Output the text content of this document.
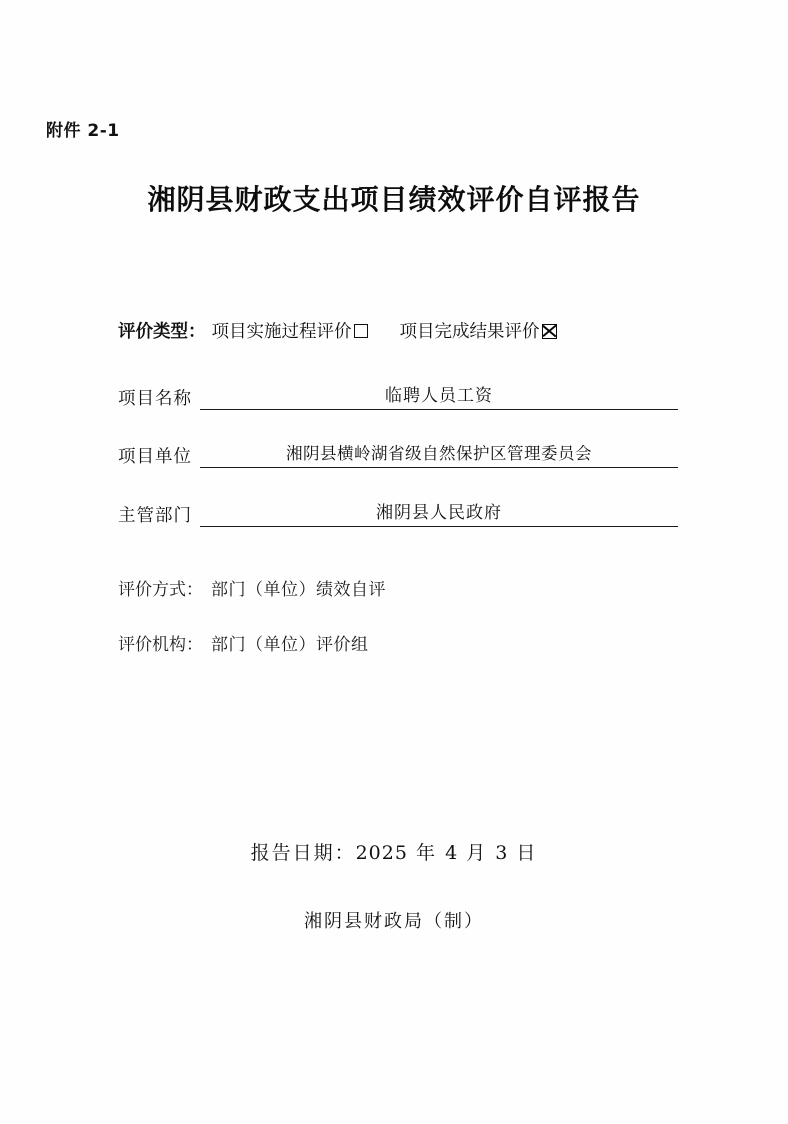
附件 2-1
湘阴县财政支出项目绩效评价自评报告
评价类型： 项目实施过程评价	项目完成结果评价
项目名称	临聘人员工资
项目单位	湘阴县横岭湖省级自然保护区管理委员会
主管部门	湘阴县人民政府
评价方式： 部门（单位）绩效自评
评价机构： 部门（单位）评价组
报告日期：2025 年 4 月 3 日
湘阴县财政局（制）
